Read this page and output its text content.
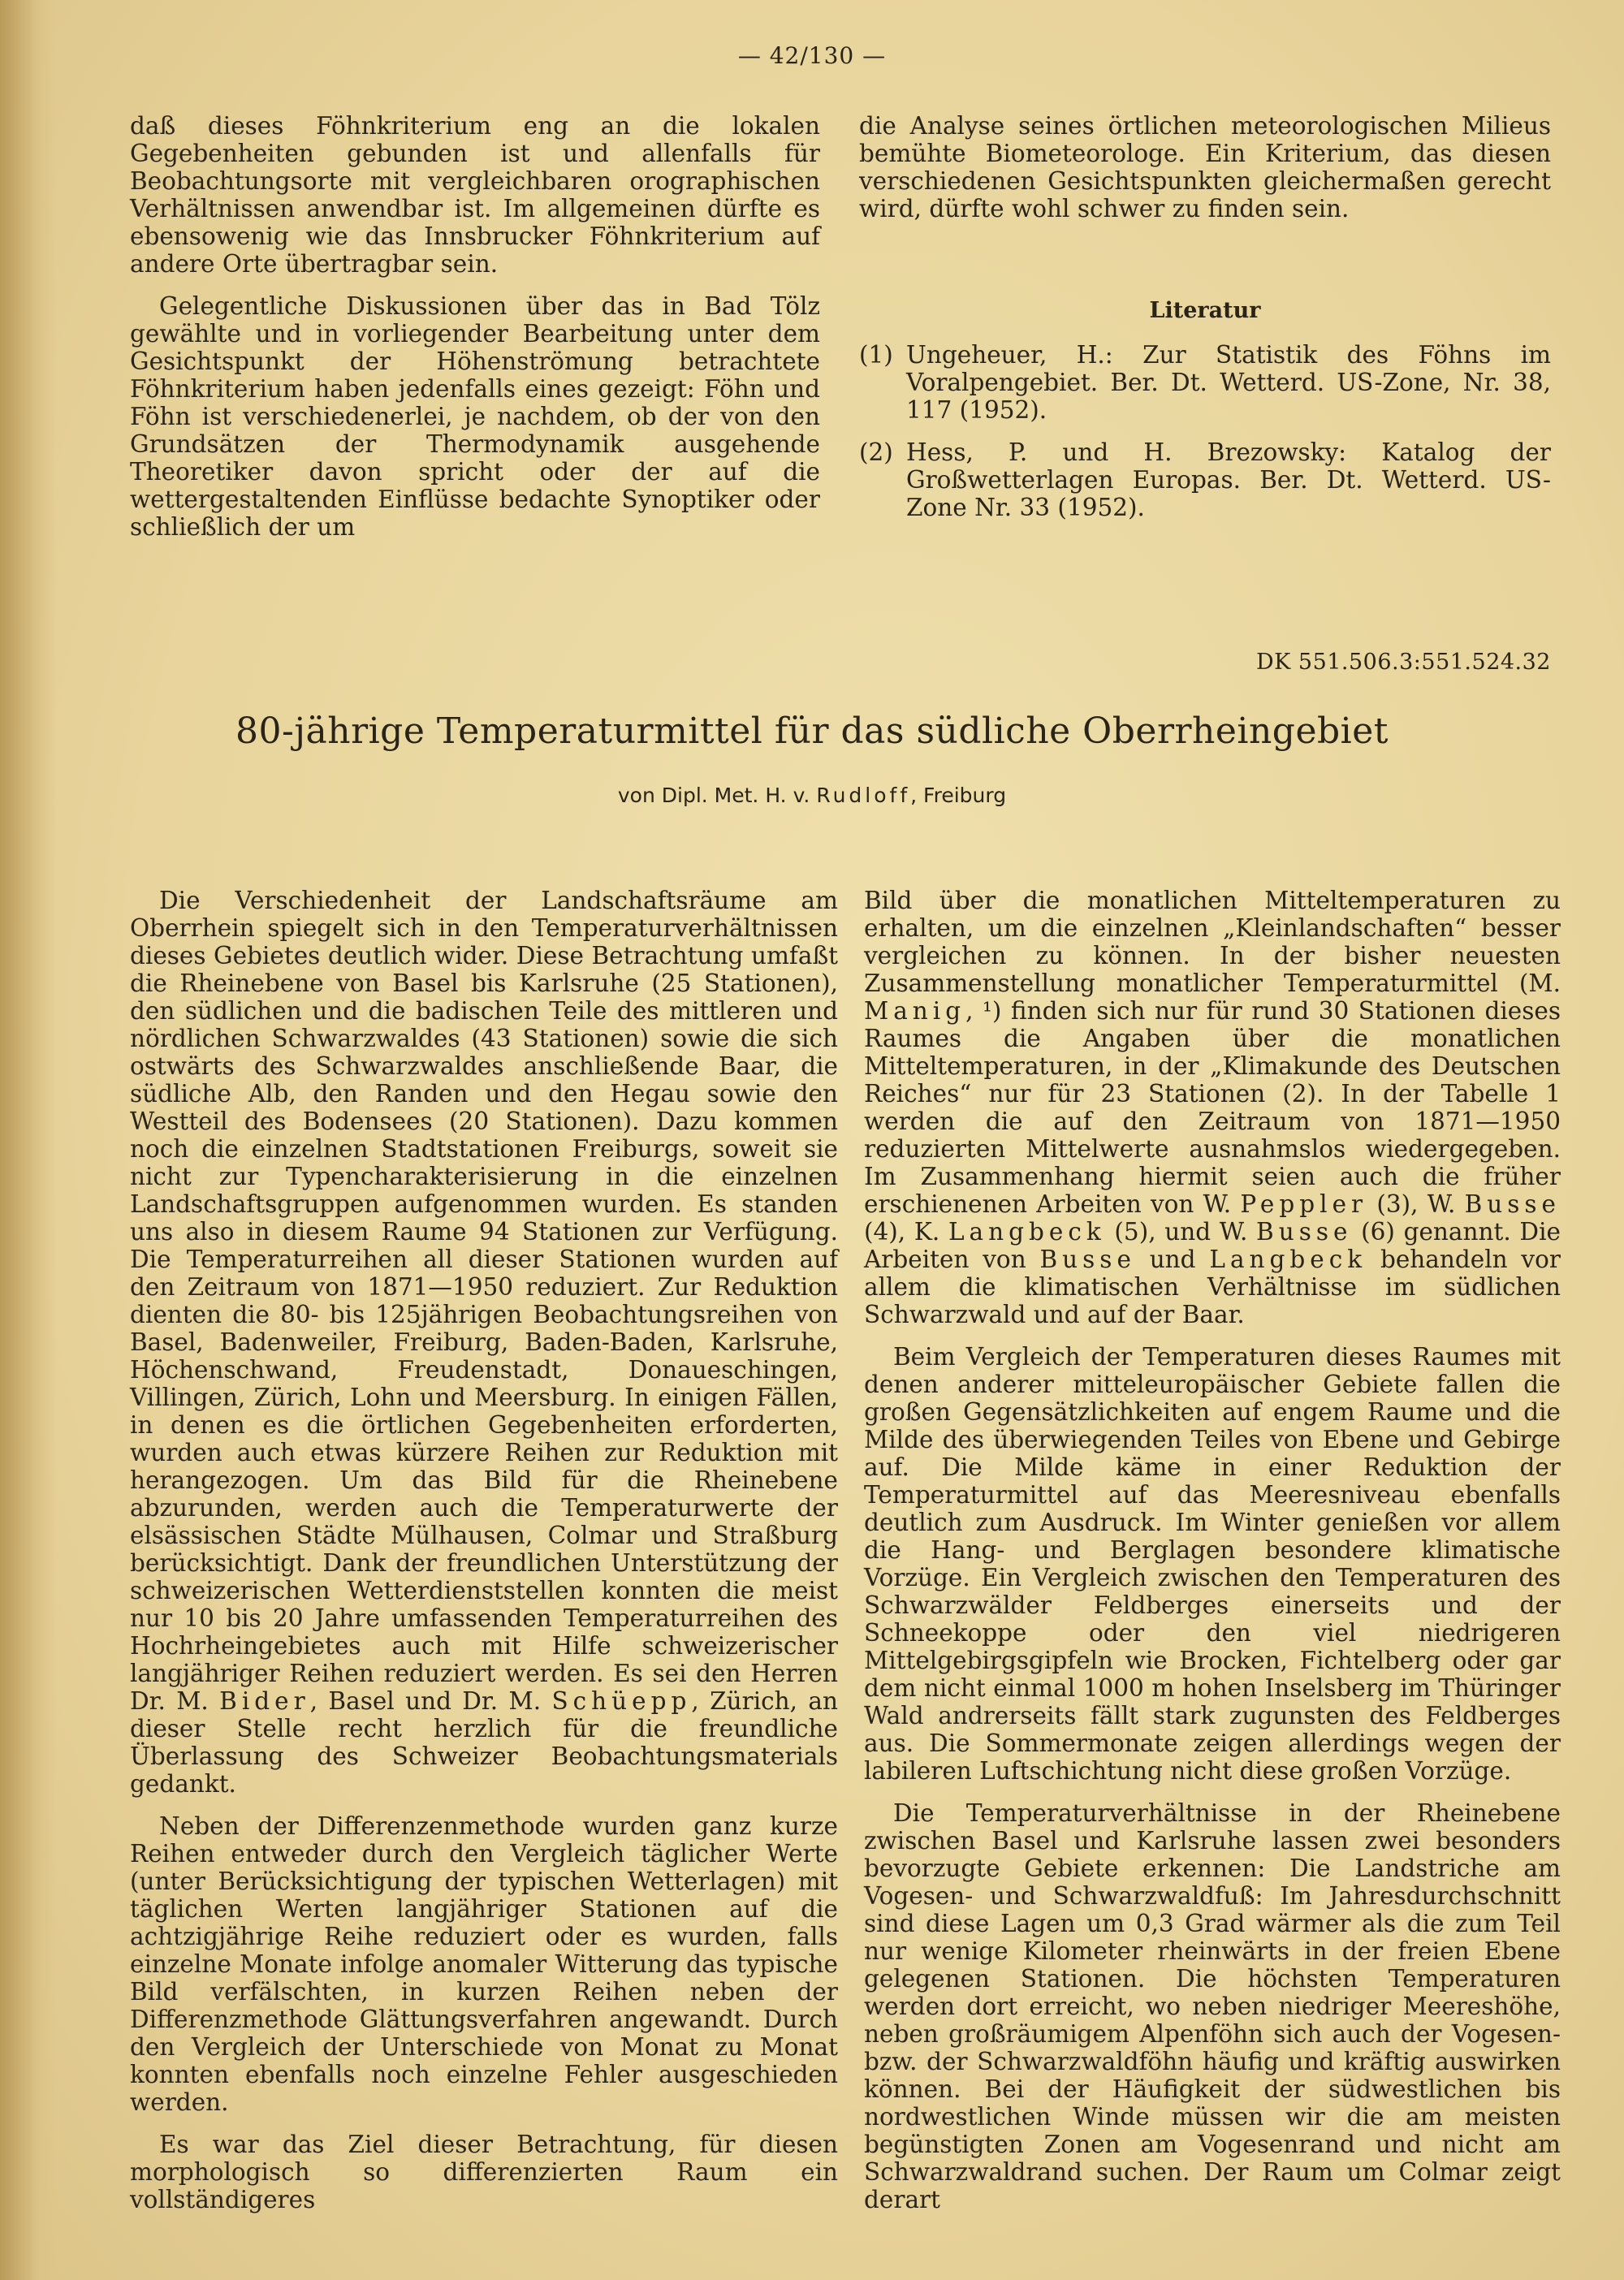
— 42/130 —

daß dieses Föhnkriterium eng an die lokalen Gegebenheiten gebunden ist und allenfalls für Beobachtungsorte mit vergleichbaren orographischen Verhältnissen anwendbar ist. Im allgemeinen dürfte es ebensowenig wie das Innsbrucker Föhnkriterium auf andere Orte übertragbar sein.

Gelegentliche Diskussionen über das in Bad Tölz gewählte und in vorliegender Bearbeitung unter dem Gesichtspunkt der Höhenströmung betrachtete Föhnkriterium haben jedenfalls eines gezeigt: Föhn und Föhn ist verschiedenerlei, je nachdem, ob der von den Grundsätzen der Thermodynamik ausgehende Theoretiker davon spricht oder der auf die wettergestaltenden Einflüsse bedachte Synoptiker oder schließlich der um

die Analyse seines örtlichen meteorologischen Milieus bemühte Biometeorologe. Ein Kriterium, das diesen verschiedenen Gesichtspunkten gleichermaßen gerecht wird, dürfte wohl schwer zu finden sein.

Literatur
(1) Ungeheuer, H.: Zur Statistik des Föhns im Voralpengebiet. Ber. Dt. Wetterd. US-Zone, Nr. 38, 117 (1952).
(2) Hess, P. und H. Brezowsky: Katalog der Großwetterlagen Europas. Ber. Dt. Wetterd. US-Zone Nr. 33 (1952).
DK 551.506.3:551.524.32
80-jährige Temperaturmittel für das südliche Oberrheingebiet
von Dipl. Met. H. v. Rudloff, Freiburg

Die Verschiedenheit der Landschaftsräume am Oberrhein spiegelt sich in den Temperaturverhältnissen dieses Gebietes deutlich wider. Diese Betrachtung umfaßt die Rheinebene von Basel bis Karlsruhe (25 Stationen), den südlichen und die badischen Teile des mittleren und nördlichen Schwarzwaldes (43 Stationen) sowie die sich ostwärts des Schwarzwaldes anschließende Baar, die südliche Alb, den Randen und den Hegau sowie den Westteil des Bodensees (20 Stationen). Dazu kommen noch die einzelnen Stadtstationen Freiburgs, soweit sie nicht zur Typencharakterisierung in die einzelnen Landschaftsgruppen aufgenommen wurden. Es standen uns also in diesem Raume 94 Stationen zur Verfügung. Die Temperaturreihen all dieser Stationen wurden auf den Zeitraum von 1871—1950 reduziert. Zur Reduktion dienten die 80- bis 125jährigen Beobachtungsreihen von Basel, Badenweiler, Freiburg, Baden-Baden, Karlsruhe, Höchenschwand, Freudenstadt, Donaueschingen, Villingen, Zürich, Lohn und Meersburg. In einigen Fällen, in denen es die örtlichen Gegebenheiten erforderten, wurden auch etwas kürzere Reihen zur Reduktion mit herangezogen. Um das Bild für die Rheinebene abzurunden, werden auch die Temperaturwerte der elsässischen Städte Mülhausen, Colmar und Straßburg berücksichtigt. Dank der freundlichen Unterstützung der schweizerischen Wetterdienststellen konnten die meist nur 10 bis 20 Jahre umfassenden Temperaturreihen des Hochrheingebietes auch mit Hilfe schweizerischer langjähriger Reihen reduziert werden. Es sei den Herren Dr. M. Bider, Basel und Dr. M. Schüepp, Zürich, an dieser Stelle recht herzlich für die freundliche Überlassung des Schweizer Beobachtungsmaterials gedankt.

Neben der Differenzenmethode wurden ganz kurze Reihen entweder durch den Vergleich täglicher Werte (unter Berücksichtigung der typischen Wetterlagen) mit täglichen Werten langjähriger Stationen auf die achtzigjährige Reihe reduziert oder es wurden, falls einzelne Monate infolge anomaler Witterung das typische Bild verfälschten, in kurzen Reihen neben der Differenzmethode Glättungsverfahren angewandt. Durch den Vergleich der Unterschiede von Monat zu Monat konnten ebenfalls noch einzelne Fehler ausgeschieden werden.

Es war das Ziel dieser Betrachtung, für diesen morphologisch so differenzierten Raum ein vollständigeres

Bild über die monatlichen Mitteltemperaturen zu erhalten, um die einzelnen „Kleinlandschaften“ besser vergleichen zu können. In der bisher neuesten Zusammenstellung monatlicher Temperaturmittel (M. Manig, ¹) finden sich nur für rund 30 Stationen dieses Raumes die Angaben über die monatlichen Mitteltemperaturen, in der „Klimakunde des Deutschen Reiches“ nur für 23 Stationen (2). In der Tabelle 1 werden die auf den Zeitraum von 1871—1950 reduzierten Mittelwerte ausnahmslos wiedergegeben. Im Zusammenhang hiermit seien auch die früher erschienenen Arbeiten von W. Peppler (3), W. Busse (4), K. Langbeck (5), und W. Busse (6) genannt. Die Arbeiten von Busse und Langbeck behandeln vor allem die klimatischen Verhältnisse im südlichen Schwarzwald und auf der Baar.

Beim Vergleich der Temperaturen dieses Raumes mit denen anderer mitteleuropäischer Gebiete fallen die großen Gegensätzlichkeiten auf engem Raume und die Milde des überwiegenden Teiles von Ebene und Gebirge auf. Die Milde käme in einer Reduktion der Temperaturmittel auf das Meeresniveau ebenfalls deutlich zum Ausdruck. Im Winter genießen vor allem die Hang- und Berglagen besondere klimatische Vorzüge. Ein Vergleich zwischen den Temperaturen des Schwarzwälder Feldberges einerseits und der Schneekoppe oder den viel niedrigeren Mittelgebirgsgipfeln wie Brocken, Fichtelberg oder gar dem nicht einmal 1000 m hohen Inselsberg im Thüringer Wald andrerseits fällt stark zugunsten des Feldberges aus. Die Sommermonate zeigen allerdings wegen der labileren Luftschichtung nicht diese großen Vorzüge.

Die Temperaturverhältnisse in der Rheinebene zwischen Basel und Karlsruhe lassen zwei besonders bevorzugte Gebiete erkennen: Die Landstriche am Vogesen- und Schwarzwaldfuß: Im Jahresdurchschnitt sind diese Lagen um 0,3 Grad wärmer als die zum Teil nur wenige Kilometer rheinwärts in der freien Ebene gelegenen Stationen. Die höchsten Temperaturen werden dort erreicht, wo neben niedriger Meereshöhe, neben großräumigem Alpenföhn sich auch der Vogesen- bzw. der Schwarzwaldföhn häufig und kräftig auswirken können. Bei der Häufigkeit der südwestlichen bis nordwestlichen Winde müssen wir die am meisten begünstigten Zonen am Vogesenrand und nicht am Schwarzwaldrand suchen. Der Raum um Colmar zeigt derart
